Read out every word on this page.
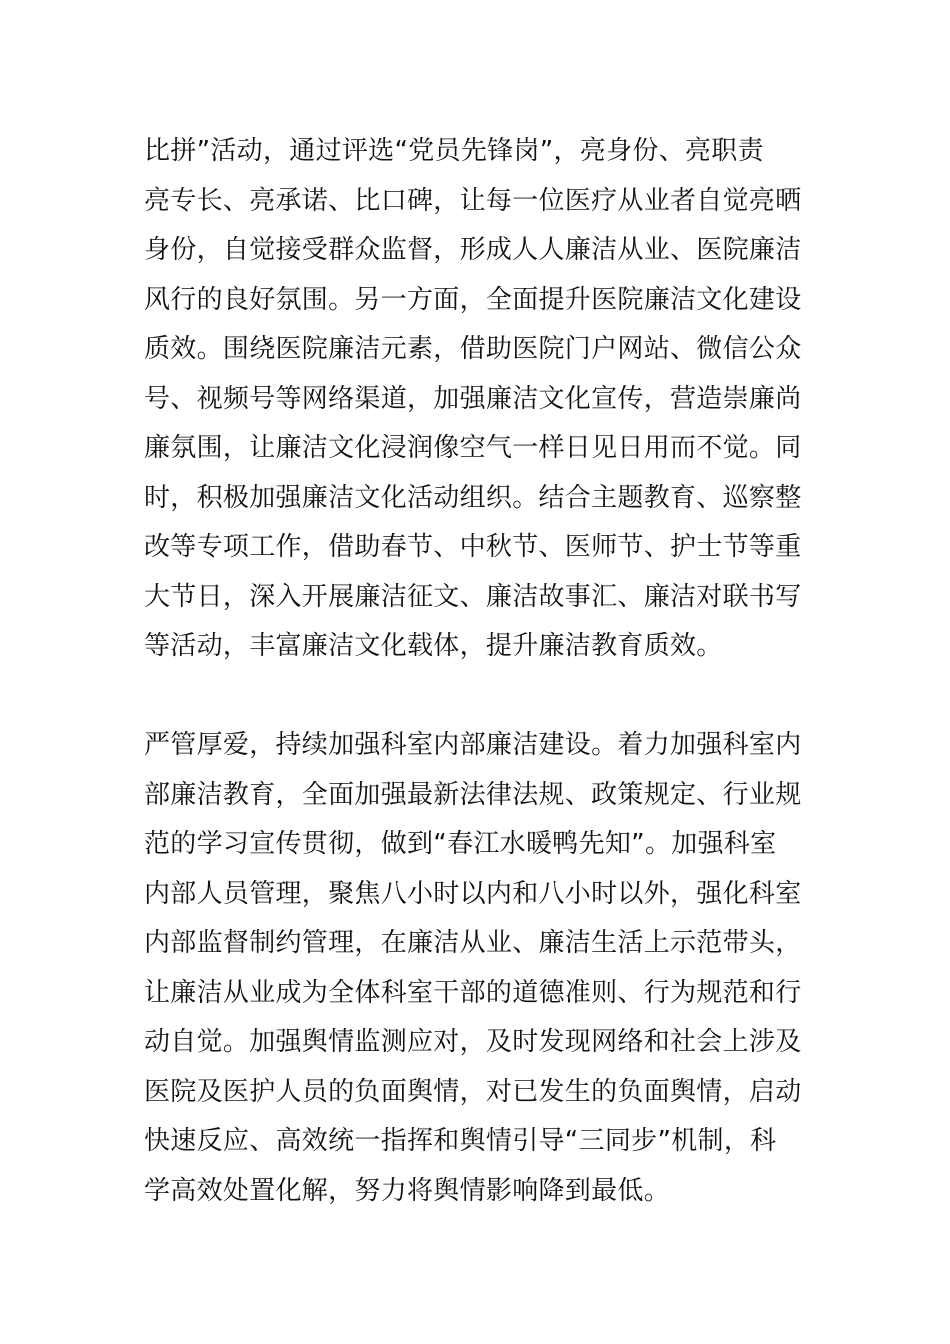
比拼”活动，通过评选“党员先锋岗”，亮身份、亮职责
亮专长、亮承诺、比口碑，让每一位医疗从业者自觉亮晒
身份，自觉接受群众监督，形成人人廉洁从业、医院廉洁
风行的良好氛围。另一方面，全面提升医院廉洁文化建设
质效。围绕医院廉洁元素，借助医院门户网站、微信公众
号、视频号等网络渠道，加强廉洁文化宣传，营造崇廉尚
廉氛围，让廉洁文化浸润像空气一样日见日用而不觉。同
时，积极加强廉洁文化活动组织。结合主题教育、巡察整
改等专项工作，借助春节、中秋节、医师节、护士节等重
大节日，深入开展廉洁征文、廉洁故事汇、廉洁对联书写
等活动，丰富廉洁文化载体，提升廉洁教育质效。
严管厚爱，持续加强科室内部廉洁建设。着力加强科室内
部廉洁教育，全面加强最新法律法规、政策规定、行业规
范的学习宣传贯彻，做到“春江水暖鸭先知”。加强科室
内部人员管理，聚焦八小时以内和八小时以外，强化科室
内部监督制约管理，在廉洁从业、廉洁生活上示范带头，
让廉洁从业成为全体科室干部的道德准则、行为规范和行
动自觉。加强舆情监测应对，及时发现网络和社会上涉及
医院及医护人员的负面舆情，对已发生的负面舆情，启动
快速反应、高效统一指挥和舆情引导“三同步”机制，科
学高效处置化解，努力将舆情影响降到最低。
